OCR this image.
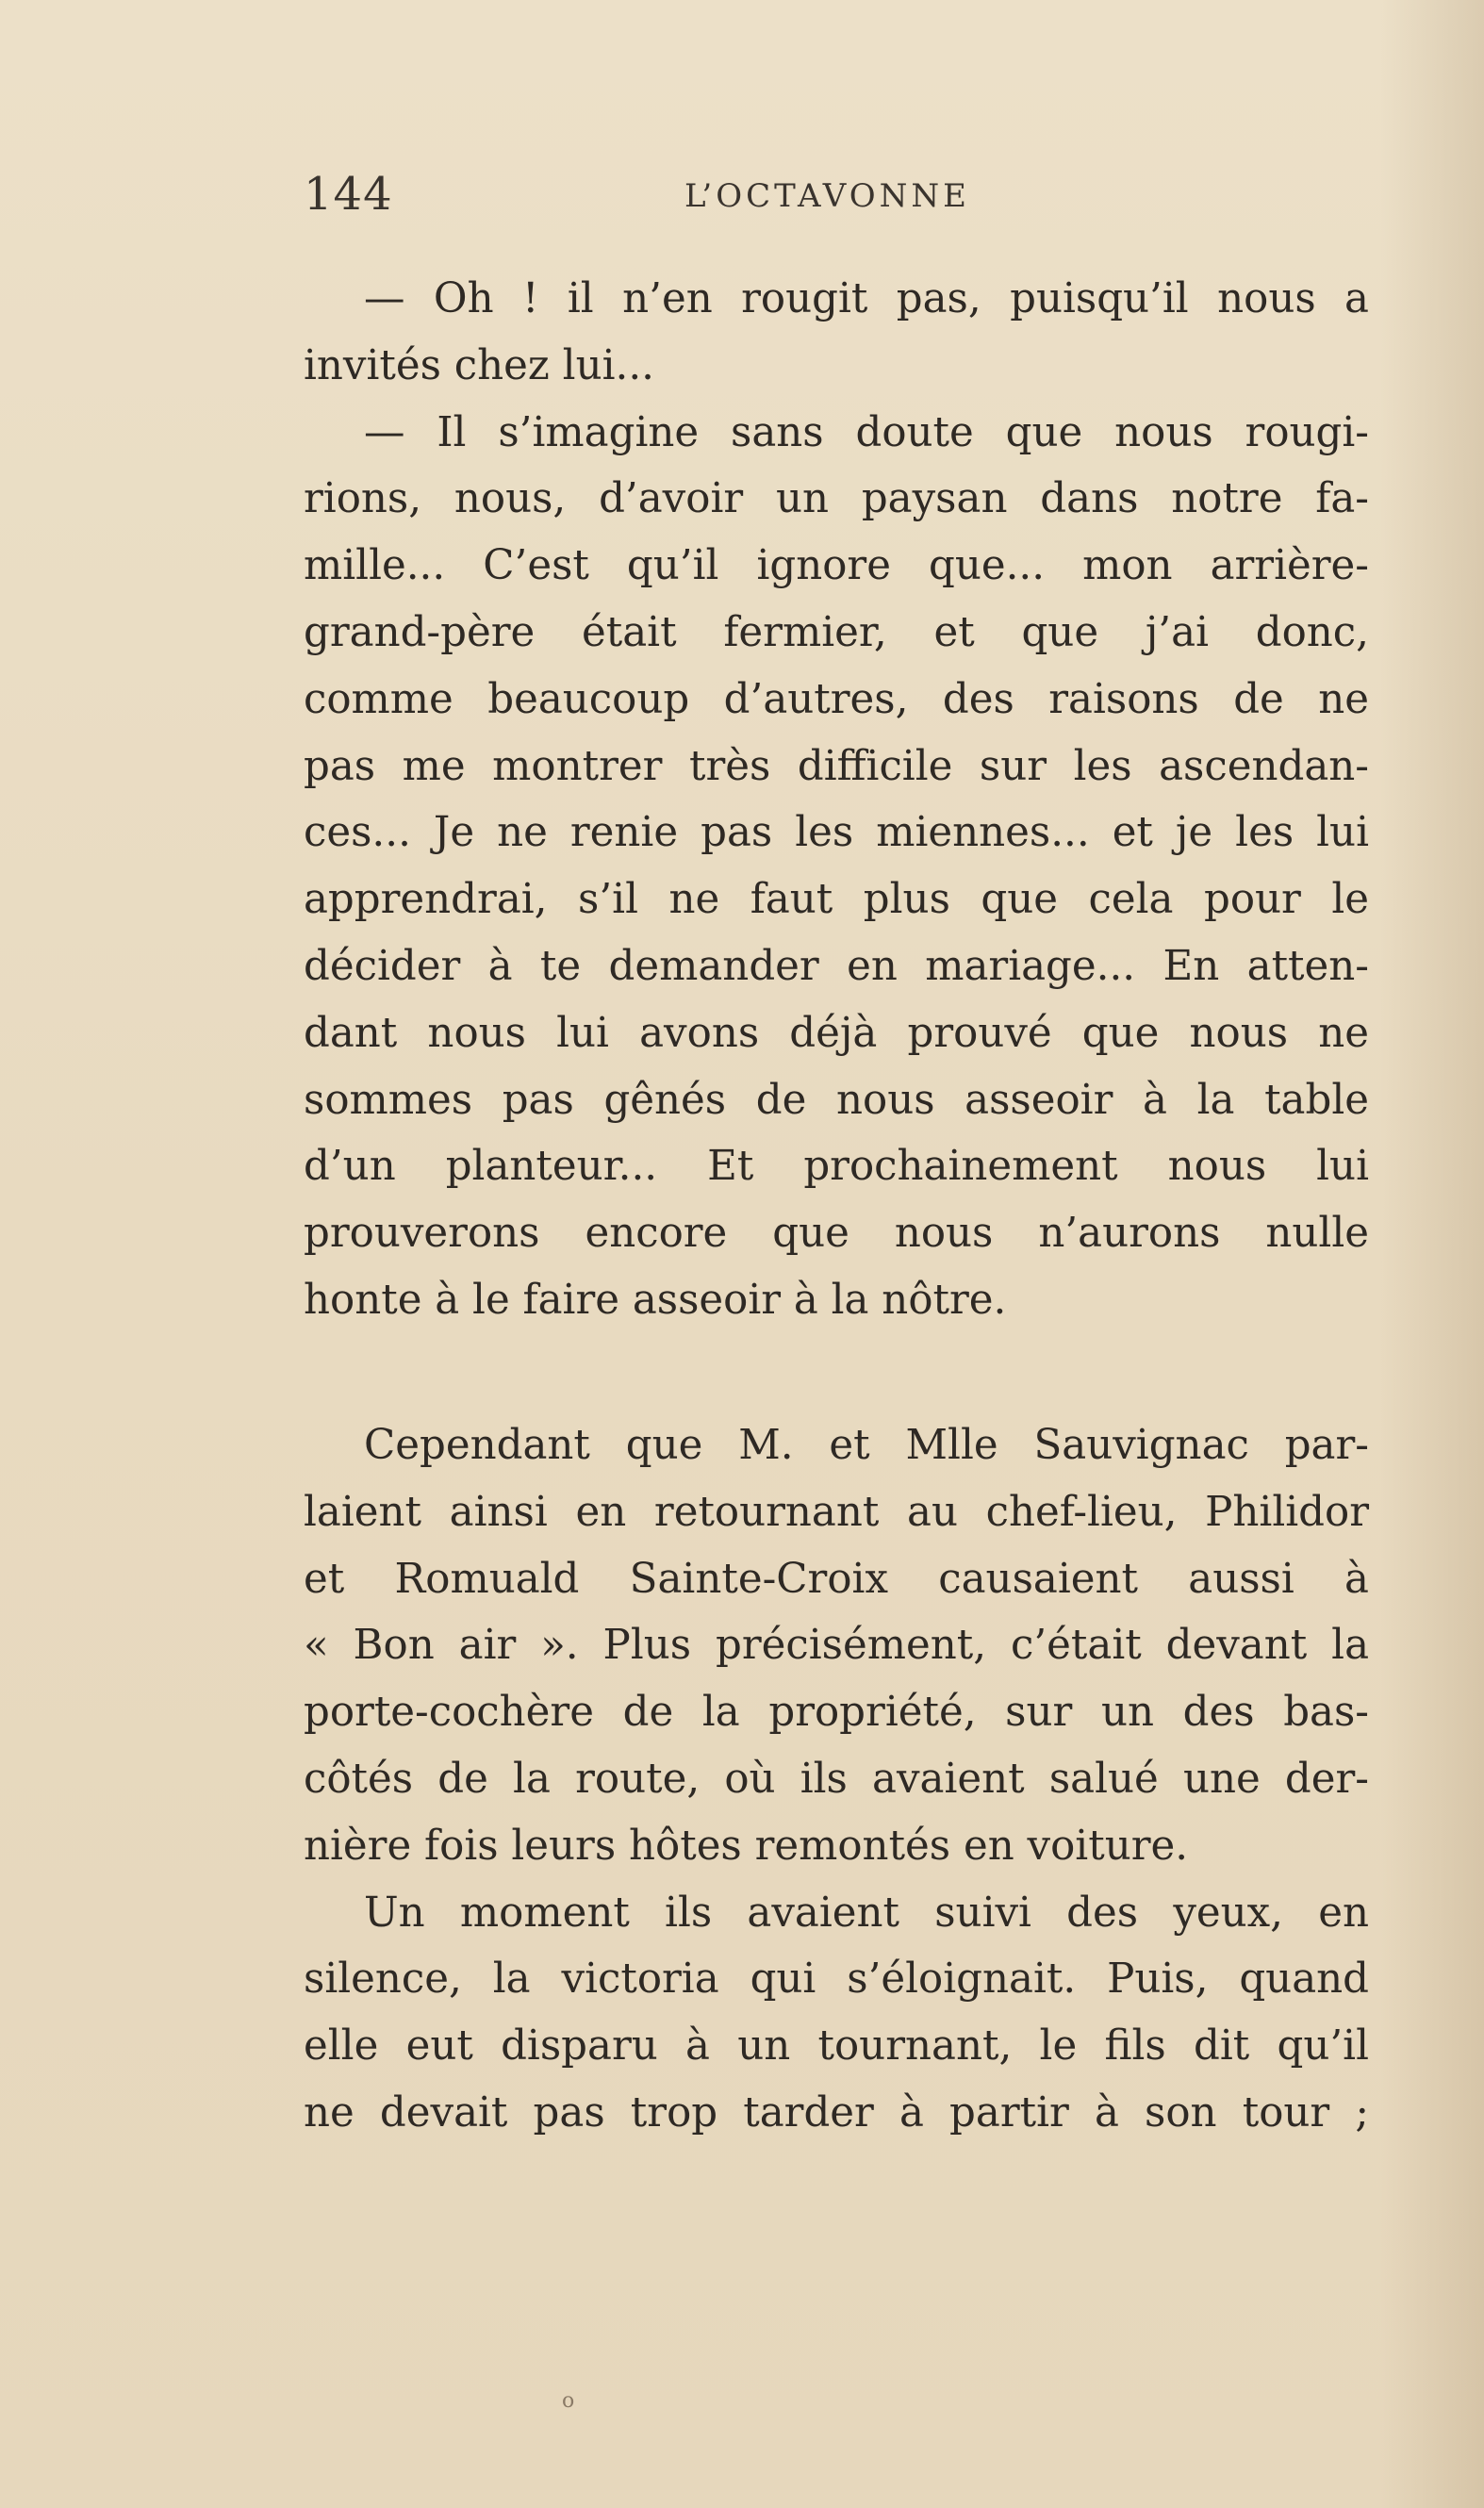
144	L’OCTAVONNE
— Oh ! il n’en rougit pas, puisqu’il nous a
invités chez lui...
— Il s’imagine sans doute que nous rougi-
rions, nous, d’avoir un paysan dans notre fa-
mille... C’est qu’il ignore que... mon arrière-
grand-père était fermier, et que j’ai donc,
comme beaucoup d’autres, des raisons de ne
pas me montrer très difficile sur les ascendan-
ces... Je ne renie pas les miennes... et je les lui
apprendrai, s’il ne faut plus que cela pour le
décider à te demander en mariage... En atten-
dant nous lui avons déjà prouvé que nous ne
sommes pas gênés de nous asseoir à la table
d’un planteur... Et prochainement nous lui
prouverons encore que nous n’aurons nulle
honte à le faire asseoir à la nôtre.
Cependant que M. et Mlle Sauvignac par-
laient ainsi en retournant au chef-lieu, Philidor
et Romuald Sainte-Croix causaient aussi à
« Bon air ». Plus précisément, c’était devant la
porte-cochère de la propriété, sur un des bas-
côtés de la route, où ils avaient salué une der-
nière fois leurs hôtes remontés en voiture.
Un moment ils avaient suivi des yeux, en
silence, la victoria qui s’éloignait. Puis, quand
elle eut disparu à un tournant, le fils dit qu’il
ne devait pas trop tarder à partir à son tour ;
o
